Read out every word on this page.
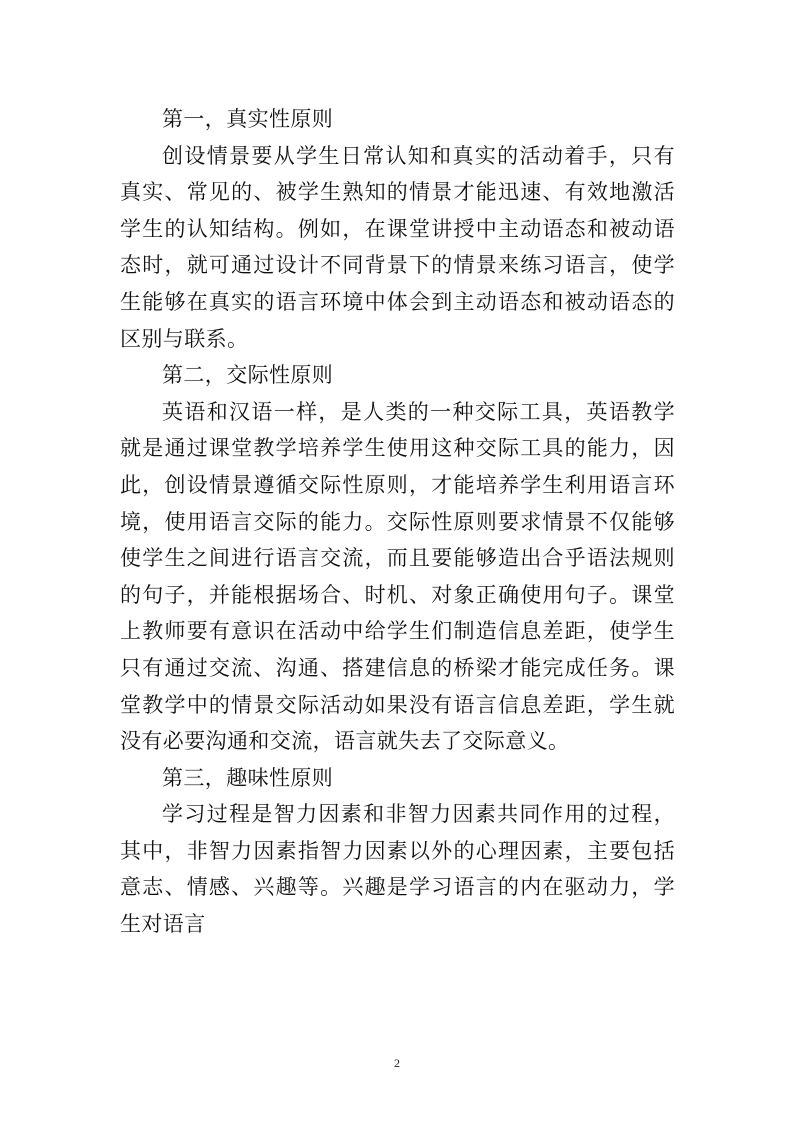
第一，真实性原则

创设情景要从学生日常认知和真实的活动着手，只有真实、常见的、被学生熟知的情景才能迅速、有效地激活学生的认知结构。例如，在课堂讲授中主动语态和被动语态时，就可通过设计不同背景下的情景来练习语言，使学生能够在真实的语言环境中体会到主动语态和被动语态的区别与联系。

第二，交际性原则

英语和汉语一样，是人类的一种交际工具，英语教学就是通过课堂教学培养学生使用这种交际工具的能力，因此，创设情景遵循交际性原则，才能培养学生利用语言环境，使用语言交际的能力。交际性原则要求情景不仅能够使学生之间进行语言交流，而且要能够造出合乎语法规则的句子，并能根据场合、时机、对象正确使用句子。课堂上教师要有意识在活动中给学生们制造信息差距，使学生只有通过交流、沟通、搭建信息的桥梁才能完成任务。课堂教学中的情景交际活动如果没有语言信息差距，学生就没有必要沟通和交流，语言就失去了交际意义。

第三，趣味性原则

学习过程是智力因素和非智力因素共同作用的过程，其中，非智力因素指智力因素以外的心理因素，主要包括意志、情感、兴趣等。兴趣是学习语言的内在驱动力，学生对语言

2
